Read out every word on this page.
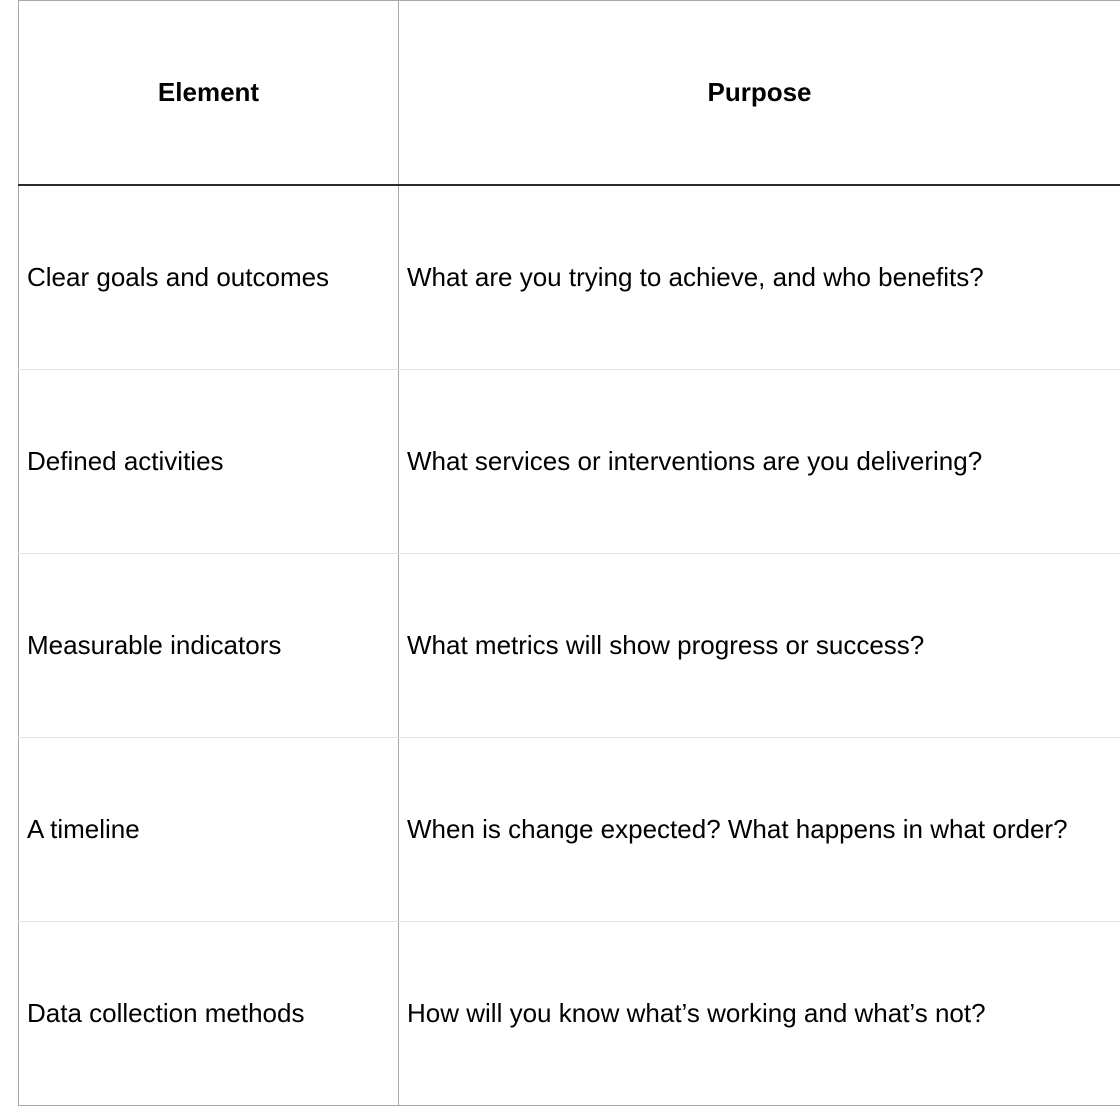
Element	Purpose
Clear goals and outcomes	What are you trying to achieve, and who benefits?
Defined activities	What services or interventions are you delivering?
Measurable indicators	What metrics will show progress or success?
A timeline	When is change expected? What happens in what order?
Data collection methods	How will you know what’s working and what’s not?
